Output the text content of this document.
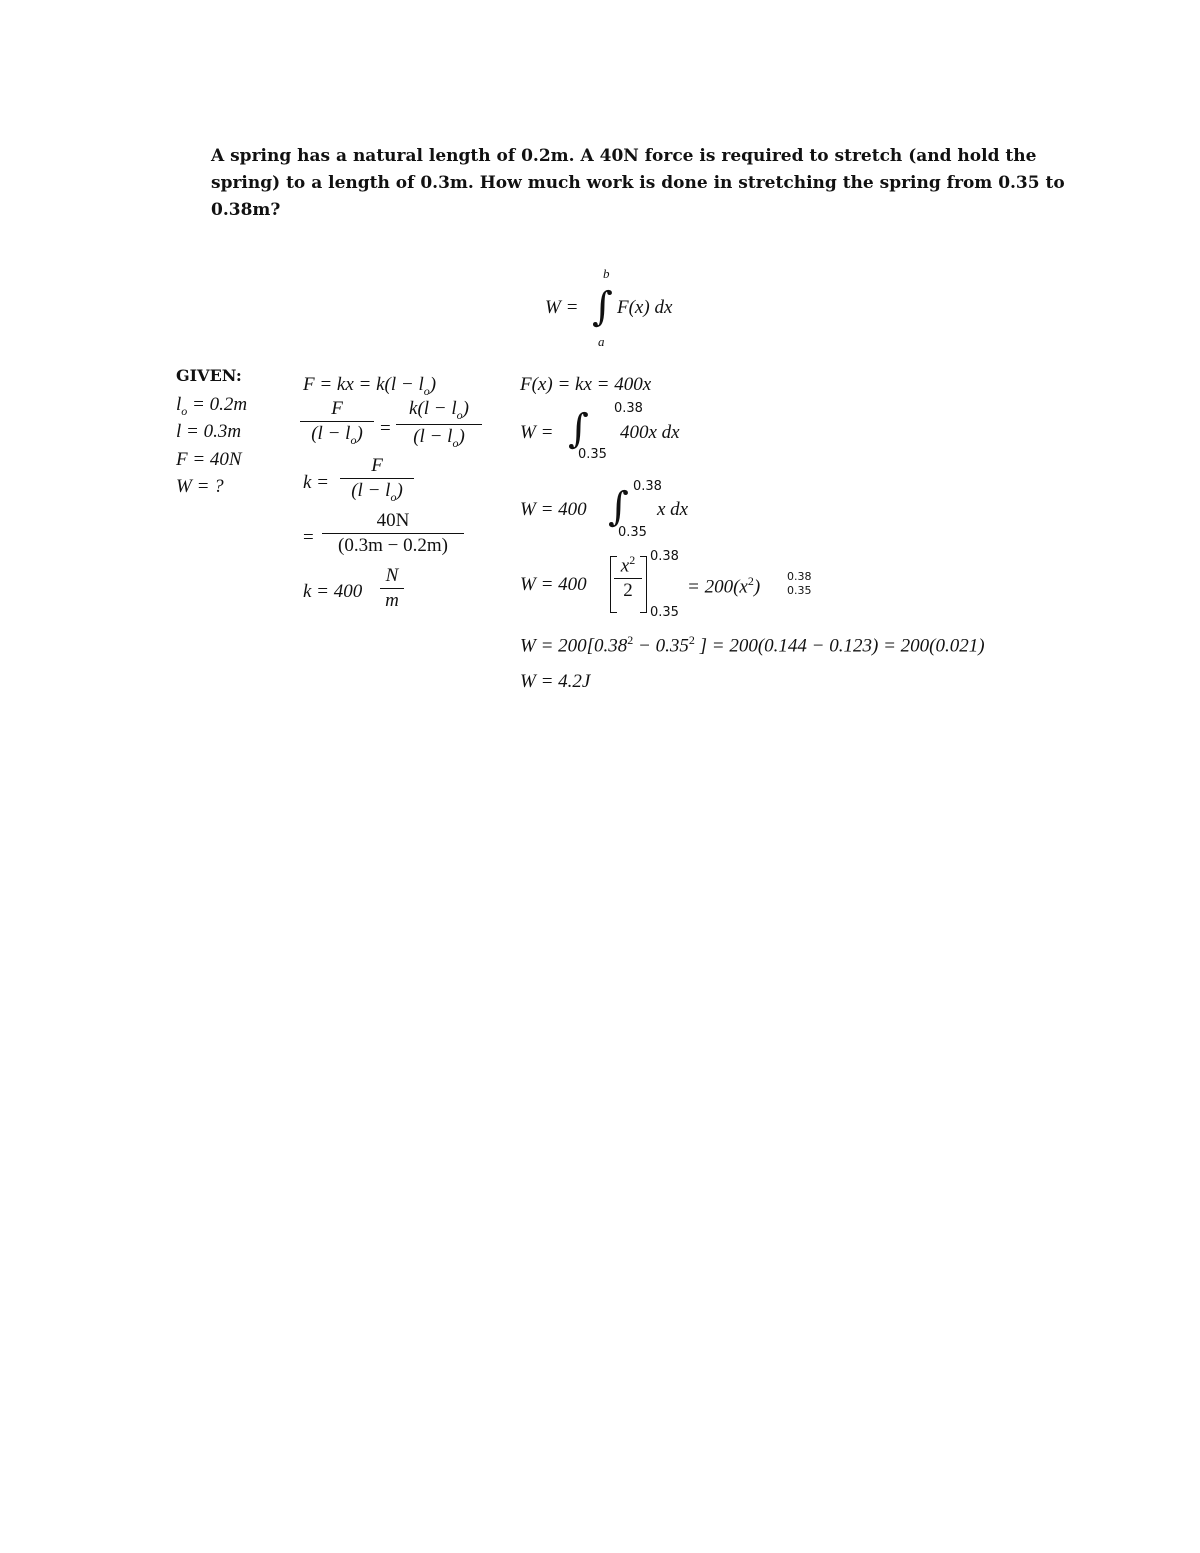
A spring has a natural length of 0.2m. A 40N force is required to stretch (and hold the
spring) to a length of 0.3m. How much work is done in stretching the spring from 0.35 to
0.38m?
W =
b
∫
a
F(x) dx
GIVEN:
$l_o = 0.2m$
l = 0.3m
F = 40N
W = ?
F = kx = $k(l - l_o)$
$\frac{F}{(l - l_o)} = \frac{k(l - l_o)}{(l - l_o)}$
$k = \frac{F}{(l - l_o)}$
= $\frac{40N}{(0.3m - 0.2m)}$
$k = 400 \frac{N}{m}$
F(x) = kx = 400x
W =
0.38
∫
0.35
400x dx
W = 400
0.38
∫
0.35
x dx
$W = 400 \frac{x^2}{2} 0.38$
0.35
= $200(x^2)$ 0.38
0.35
$W = 200[0.38^2 - 0.35^2$ ] = 200(0.144 − 0.123) = 200(0.021)
W = 4.2J
